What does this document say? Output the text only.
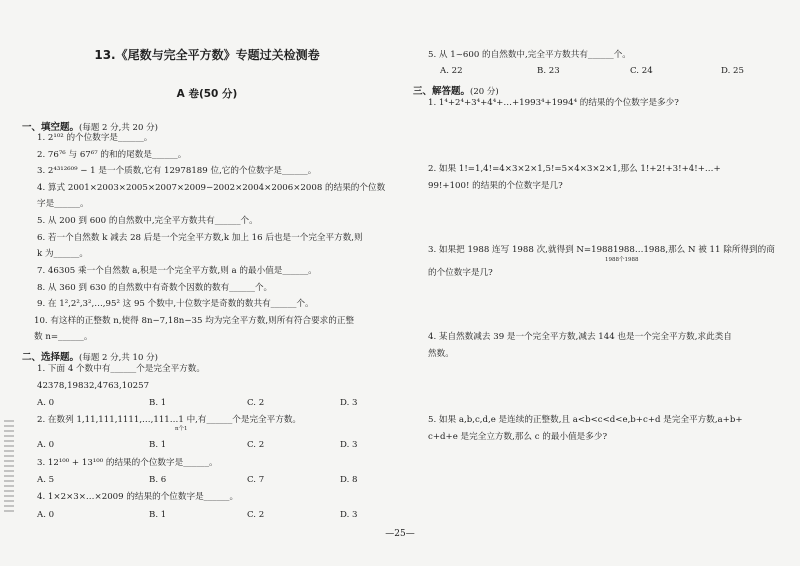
13.《尾数与完全平方数》专题过关检测卷
A 卷(50 分)
一、填空题。(每题 2 分,共 20 分)
1. 2¹⁰² 的个位数字是______。
2. 76⁷⁶ 与 67⁶⁷ 的和的尾数是______。
3. 2⁴³¹²⁶⁰⁹ − 1 是一个质数,它有 12978189 位,它的个位数字是______。
4. 算式 2001×2003×2005×2007×2009−2002×2004×2006×2008 的结果的个位数
字是______。
5. 从 200 到 600 的自然数中,完全平方数共有______个。
6. 若一个自然数 k 减去 28 后是一个完全平方数,k 加上 16 后也是一个完全平方数,则
k 为______。
7. 46305 乘一个自然数 a,积是一个完全平方数,则 a 的最小值是______。
8. 从 360 到 630 的自然数中有奇数个因数的数有______个。
9. 在 1²,2²,3²,…,95² 这 95 个数中,十位数字是奇数的数共有______个。
10. 有这样的正整数 n,使得 8n−7,18n−35 均为完全平方数,则所有符合要求的正整
数 n=______。
二、选择题。(每题 2 分,共 10 分)
1. 下面 4 个数中有______个是完全平方数。
42378,19832,4763,10257
A. 0	B. 1	C. 2	D. 3
2. 在数列 1,11,111,1111,…,111…1 中,有______个是完全平方数。
n个1
A. 0	B. 1	C. 2	D. 3
3. 12¹⁰⁰ + 13¹⁰⁰ 的结果的个位数字是______。
A. 5	B. 6	C. 7	D. 8
4. 1×2×3×…×2009 的结果的个位数字是______。
A. 0	B. 1	C. 2	D. 3
5. 从 1~600 的自然数中,完全平方数共有______个。
A. 22	B. 23	C. 24	D. 25
三、解答题。(20 分)
1. 1⁴+2⁴+3⁴+4⁴+…+1993⁴+1994⁴ 的结果的个位数字是多少?
2. 如果 1!=1,4!=4×3×2×1,5!=5×4×3×2×1,那么 1!+2!+3!+4!+…+
99!+100! 的结果的个位数字是几?
3. 如果把 1988 连写 1988 次,就得到 N=19881988…1988,那么 N 被 11 除所得到的商
1988个1988
的个位数字是几?
4. 某自然数减去 39 是一个完全平方数,减去 144 也是一个完全平方数,求此类自
然数。
5. 如果 a,b,c,d,e 是连续的正整数,且 a<b<c<d<e,b+c+d 是完全平方数,a+b+
c+d+e 是完全立方数,那么 c 的最小值是多少?
—25—
